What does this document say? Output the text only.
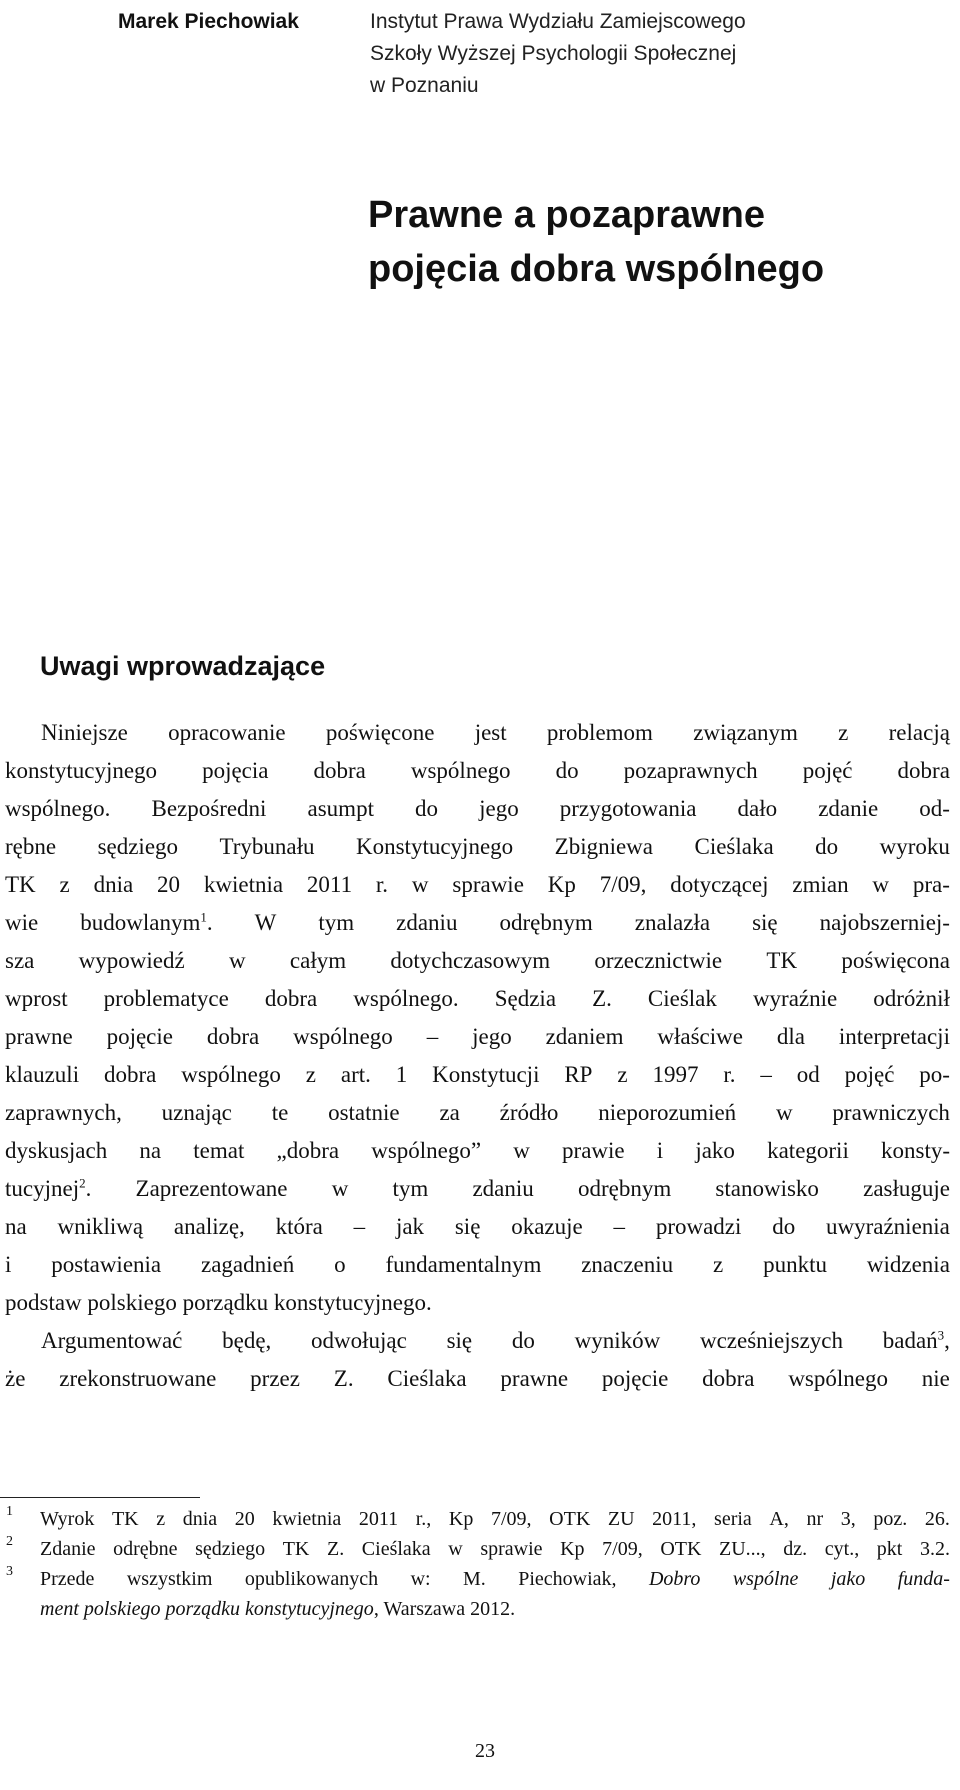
Marek Piechowiak	Instytut Prawa Wydziału Zamiejscowego
Szkoły Wyższej Psychologii Społecznej
w Poznaniu
Prawne a pozaprawne
pojęcia dobra wspólnego
Uwagi wprowadzające
Niniejsze opracowanie poświęcone jest problemom związanym z relacją
konstytucyjnego pojęcia dobra wspólnego do pozaprawnych pojęć dobra
wspólnego. Bezpośredni asumpt do jego przygotowania dało zdanie od-
rębne sędziego Trybunału Konstytucyjnego Zbigniewa Cieślaka do wyroku
TK z dnia 20 kwietnia 2011 r. w sprawie Kp 7/09, dotyczącej zmian w pra-
wie budowlanym$^1$. W tym zdaniu odrębnym znalazła się najobszerniej-
sza wypowiedź w całym dotychczasowym orzecznictwie TK poświęcona
wprost problematyce dobra wspólnego. Sędzia Z. Cieślak wyraźnie odróżnił
prawne pojęcie dobra wspólnego – jego zdaniem właściwe dla interpretacji
klauzuli dobra wspólnego z art. 1 Konstytucji RP z 1997 r. – od pojęć po-
zaprawnych, uznając te ostatnie za źródło nieporozumień w prawniczych
dyskusjach na temat „dobra wspólnego” w prawie i jako kategorii konsty-
tucyjnej$^2$. Zaprezentowane w tym zdaniu odrębnym stanowisko zasługuje
na wnikliwą analizę, która – jak się okazuje – prowadzi do uwyraźnienia
i postawienia zagadnień o fundamentalnym znaczeniu z punktu widzenia
podstaw polskiego porządku konstytucyjnego.
Argumentować będę, odwołując się do wyników wcześniejszych badań$^3$,
że zrekonstruowane przez Z. Cieślaka prawne pojęcie dobra wspólnego nie
1 Wyrok TK z dnia 20 kwietnia 2011 r., Kp 7/09, OTK ZU 2011, seria A, nr 3, poz. 26.
2 Zdanie odrębne sędziego TK Z. Cieślaka w sprawie Kp 7/09, OTK ZU..., dz. cyt., pkt 3.2.
3 Przede wszystkim opublikowanych w: M. Piechowiak, Dobro wspólne jako funda-
ment polskiego porządku konstytucyjnego , Warszawa 2012.
23
